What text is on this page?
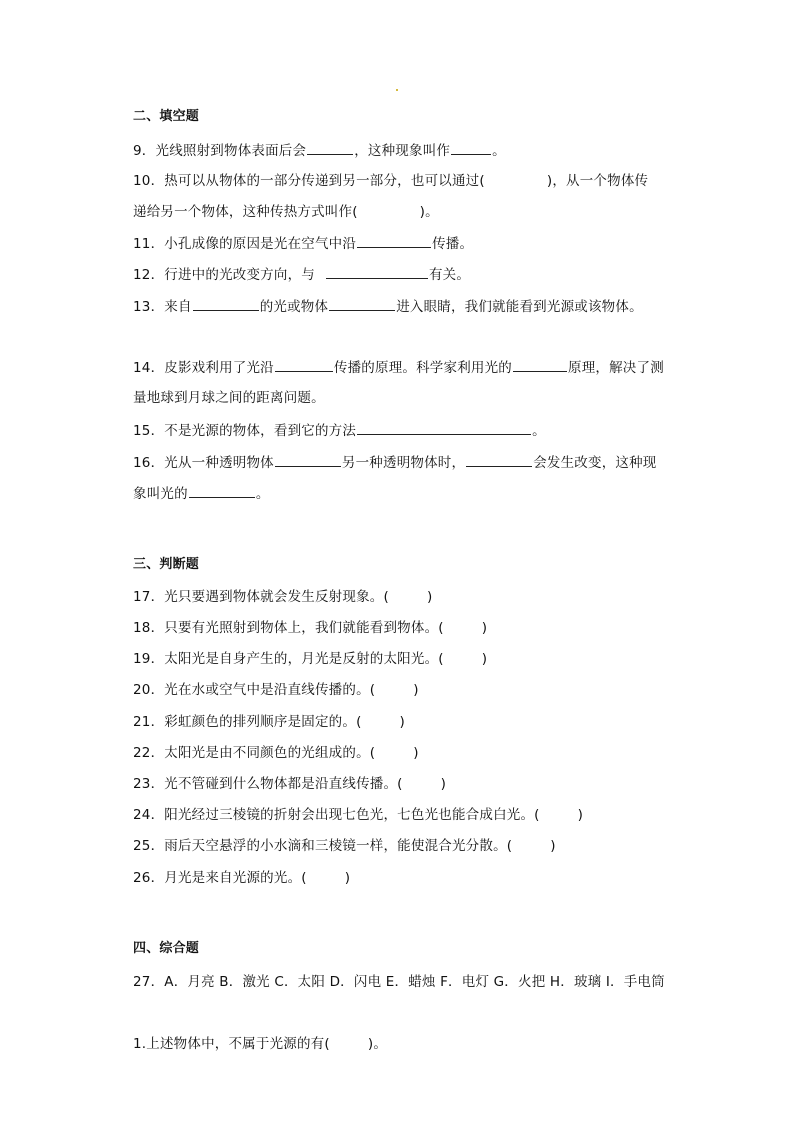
二、填空题
9．光线照射到物体表面后会	，这种现象叫作	。
10．热可以从物体的一部分传递到另一部分，也可以通过(	)，从一个物体传
递给另一个物体，这种传热方式叫作(	)。
11．小孔成像的原因是光在空气中沿	传播。
12．行进中的光改变方向，与	有关。
13．来自	的光或物体	进入眼睛，我们就能看到光源或该物体。
14．皮影戏利用了光沿	传播的原理。科学家利用光的	原理，解决了测
量地球到月球之间的距离问题。
15．不是光源的物体，看到它的方法	。
16．光从一种透明物体	另一种透明物体时，	会发生改变，这种现
象叫光的	。
三、判断题
17．光只要遇到物体就会发生反射现象。(	)
18．只要有光照射到物体上，我们就能看到物体。(	)
19．太阳光是自身产生的，月光是反射的太阳光。(	)
20．光在水或空气中是沿直线传播的。(	)
21．彩虹颜色的排列顺序是固定的。(	)
22．太阳光是由不同颜色的光组成的。(	)
23．光不管碰到什么物体都是沿直线传播。(	)
24．阳光经过三棱镜的折射会出现七色光，七色光也能合成白光。(	)
25．雨后天空悬浮的小水滴和三棱镜一样，能使混合光分散。(	)
26．月光是来自光源的光。(	)
四、综合题
27．A．月亮 B．激光 C．太阳 D．闪电 E．蜡烛 F．电灯 G．火把 H．玻璃 I．手电筒
1.上述物体中，不属于光源的有(	)。
